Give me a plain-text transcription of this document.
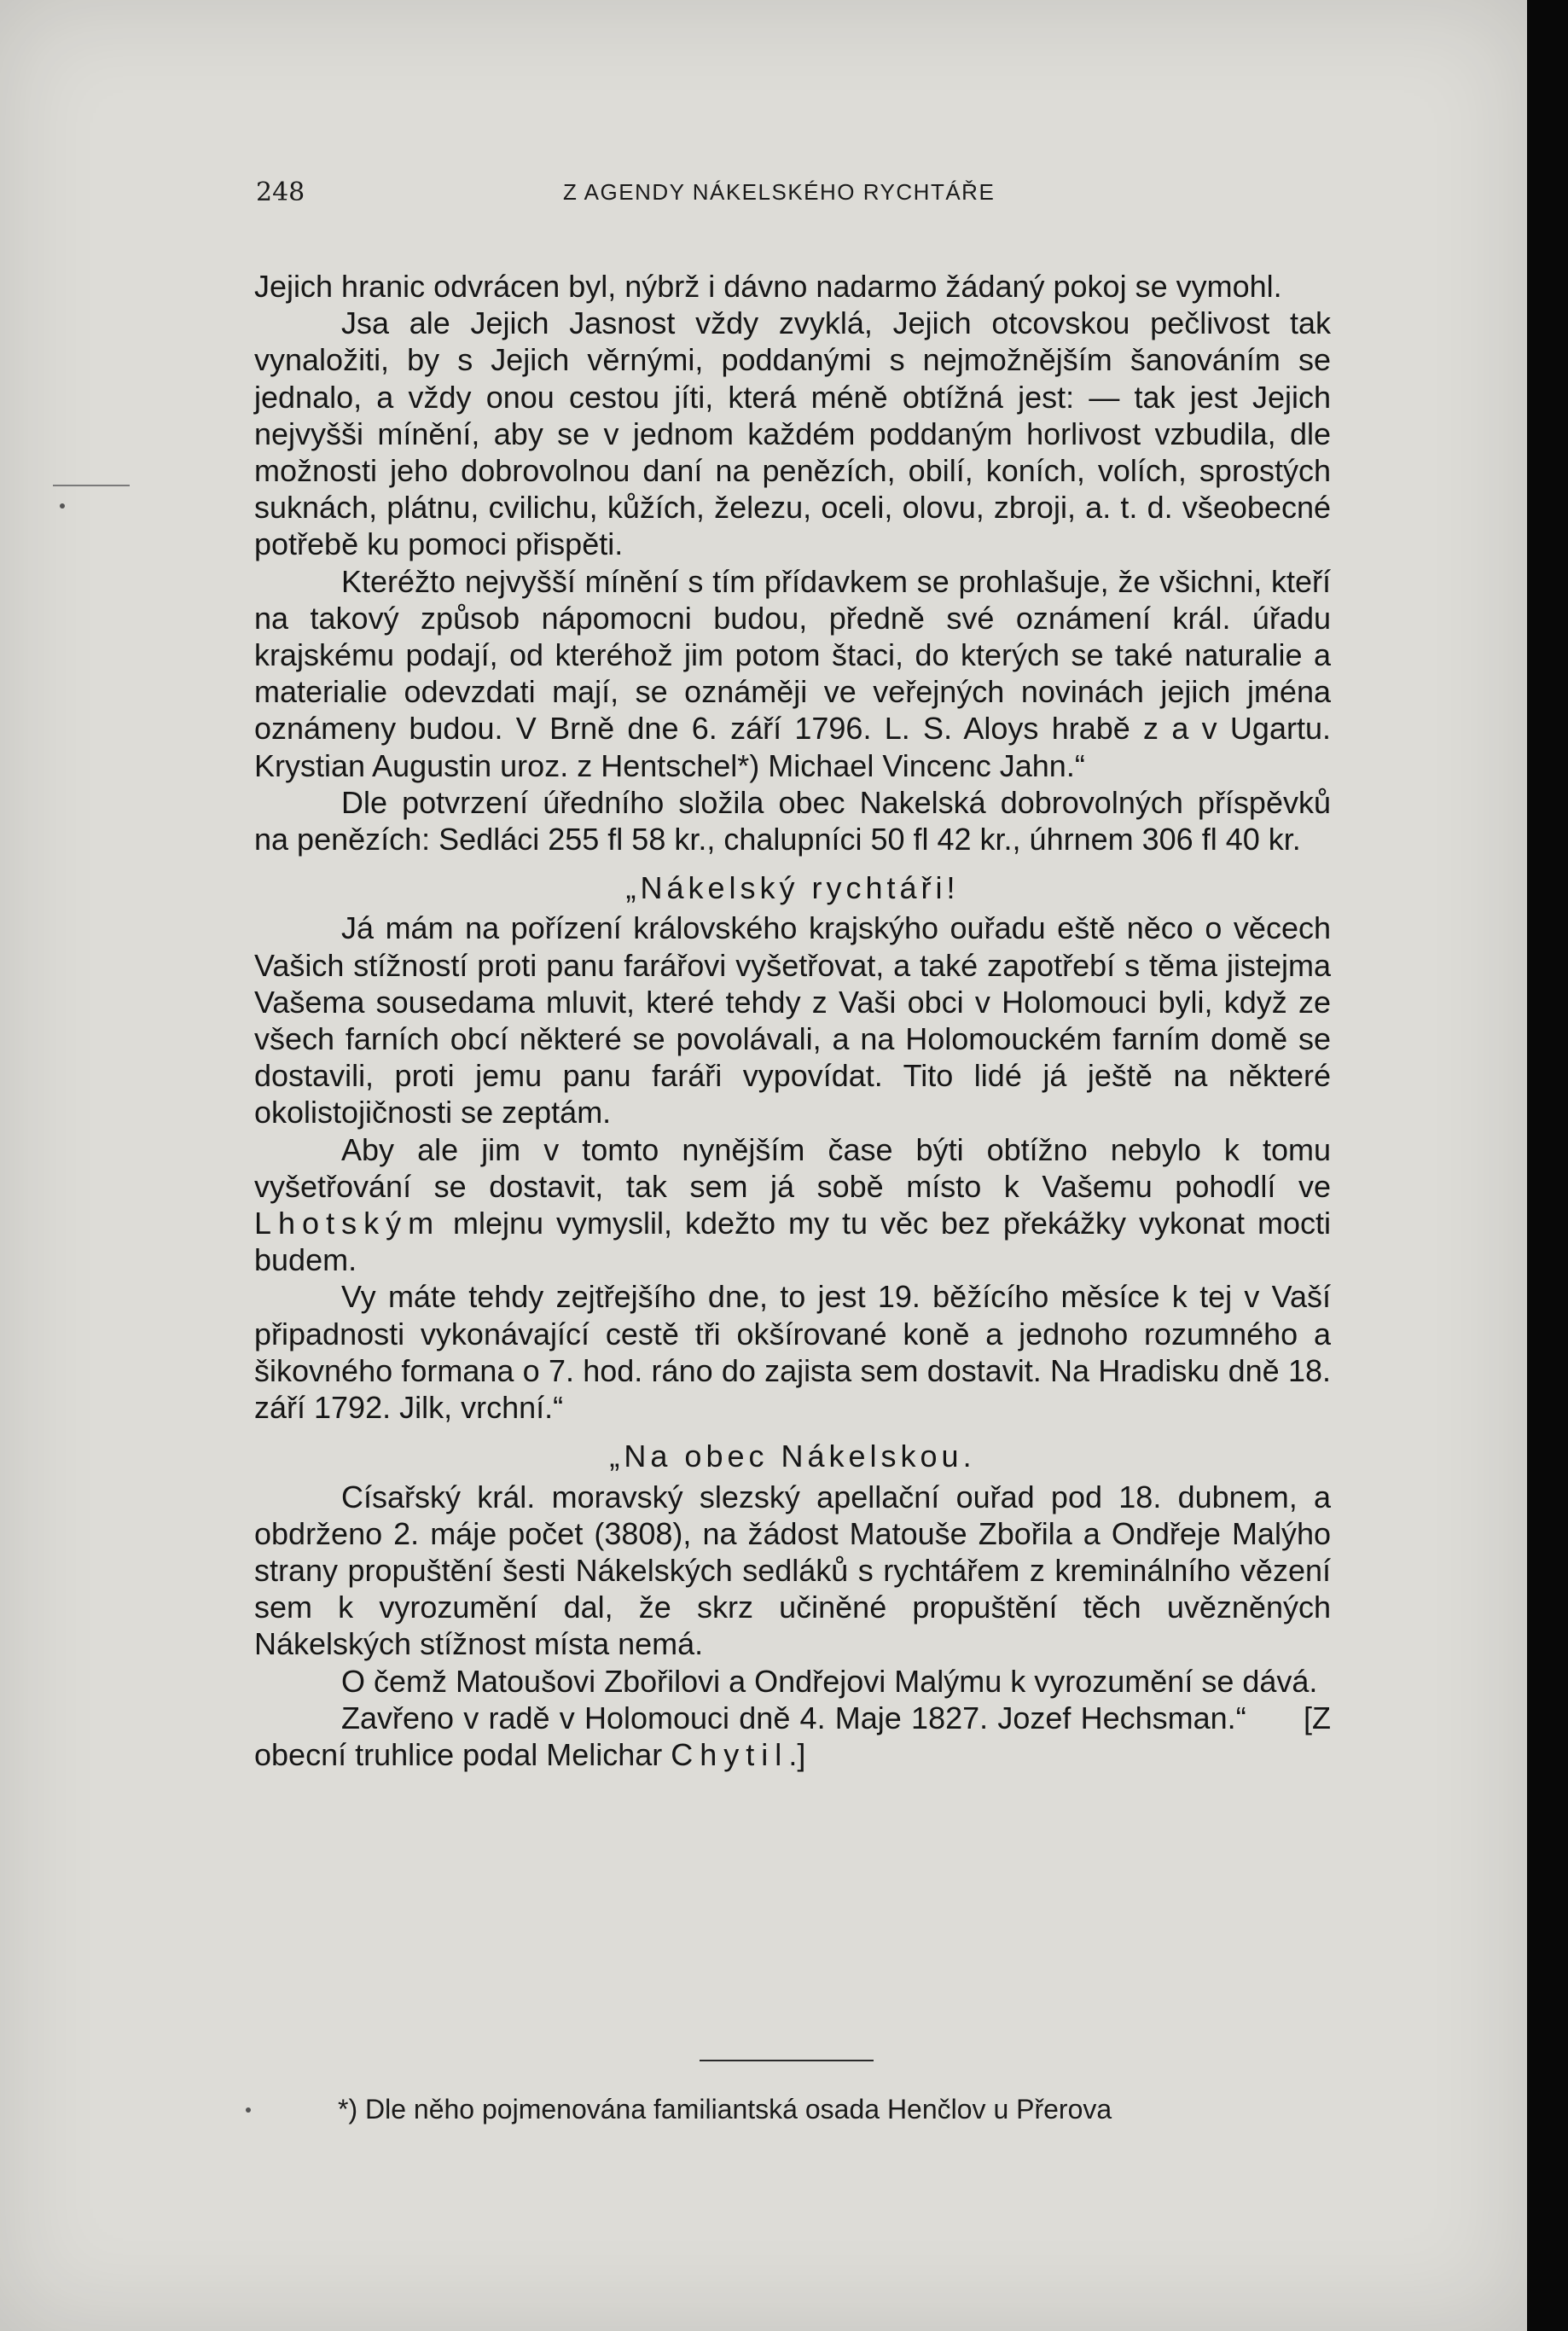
248	Z AGENDY NÁKELSKÉHO RYCHTÁŘE

Jejich hranic odvrácen byl, nýbrž i dávno nadarmo žádaný pokoj se vymohl.

Jsa ale Jejich Jasnost vždy zvyklá, Jejich otcovskou pečlivost tak vynaložiti, by s Jejich věrnými, poddanými s nejmožnějším šanováním se jednalo, a vždy onou cestou jíti, která méně obtížná jest: — tak jest Jejich nejvyšši mínění, aby se v jednom každém poddaným horlivost vzbudila, dle možnosti jeho dobrovolnou daní na penězích, obilí, koních, volích, sprostých suknách, plátnu, cvilichu, kůžích, železu, oceli, olovu, zbroji, a. t. d. všeobecné potřebě ku pomoci přispěti.

Kteréžto nejvyšší mínění s tím přídavkem se prohlašuje, že všichni, kteří na takový způsob nápomocni budou, předně své oznámení král. úřadu krajskému podají, od kteréhož jim potom štaci, do kterých se také naturalie a materialie odevzdati mají, se oznáměji ve veřejných novinách jejich jména oznámeny budou. V Brně dne 6. září 1796. L. S. Aloys hrabě z a v Ugartu. Krystian Augustin uroz. z Hentschel*) Michael Vincenc Jahn.“

Dle potvrzení úředního složila obec Nakelská dobrovolných příspěvků na penězích: Sedláci 255 fl 58 kr., chalupníci 50 fl 42 kr., úhrnem 306 fl 40 kr.

„Nákelský rychtáři!

Já mám na pořízení královského krajskýho ouřadu eště něco o věcech Vašich stížností proti panu farářovi vyšetřovat, a také zapotřebí s těma jistejma Vašema sousedama mluvit, které tehdy z Vaši obci v Holomouci byli, když ze všech farních obcí některé se povolávali, a na Holomouckém farním domě se dostavili, proti jemu panu faráři vypovídat. Tito lidé já ještě na některé okolistojičnosti se zeptám.

Aby ale jim v tomto nynějším čase býti obtížno nebylo k tomu vyšetřování se dostavit, tak sem já sobě místo k Vašemu pohodlí ve Lhotským mlejnu vymyslil, kdežto my tu věc bez překážky vykonat mocti budem.

Vy máte tehdy zejtřejšího dne, to jest 19. běžícího měsíce k tej v Vaší připadnosti vykonávající cestě tři okšírované koně a jednoho rozumného a šikovného formana o 7. hod. ráno do zajista sem dostavit. Na Hradisku dně 18. září 1792. Jilk, vrchní.“

„Na obec Nákelskou.

Císařský král. moravský slezský apellační ouřad pod 18. dubnem, a obdrženo 2. máje počet (3808), na žádost Matouše Zbořila a Ondřeje Malýho strany propuštění šesti Nákelských sedláků s rychtářem z kreminálního vězení sem k vyrozumění dal, že skrz učiněné propuštění těch uvězněných Nákelských stížnost místa nemá.

O čemž Matoušovi Zbořilovi a Ondřejovi Malýmu k vyrozumění se dává.

Zavřeno v radě v Holomouci dně 4. Maje 1827. Jozef Hechsman.“ [Z obecní truhlice podal Melichar Chytil.]

*) Dle něho pojmenována familiantská osada Henčlov u Přerova
